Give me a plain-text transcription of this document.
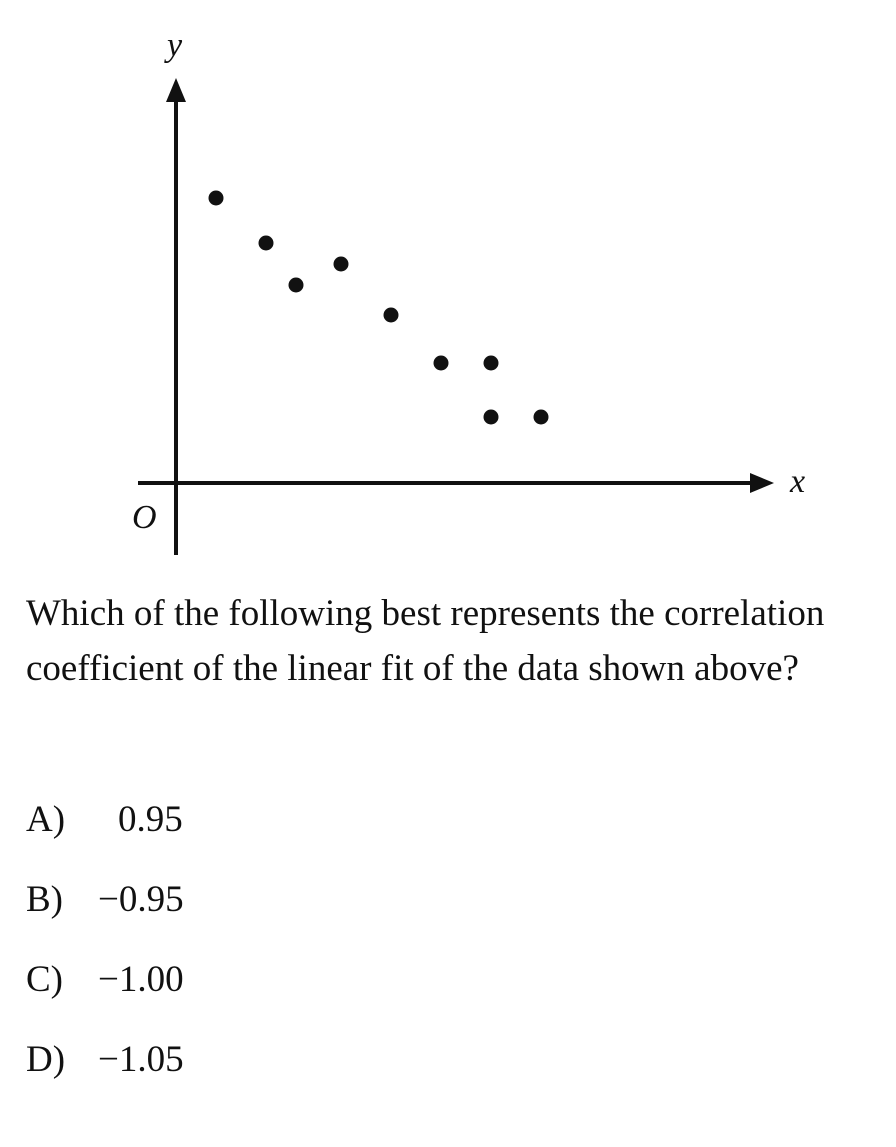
y
x
O

Which of the following best represents the correlation coefficient of the linear fit of the data shown above?

A)	0.95
B) −0.95
C) −1.00
D) −1.05
